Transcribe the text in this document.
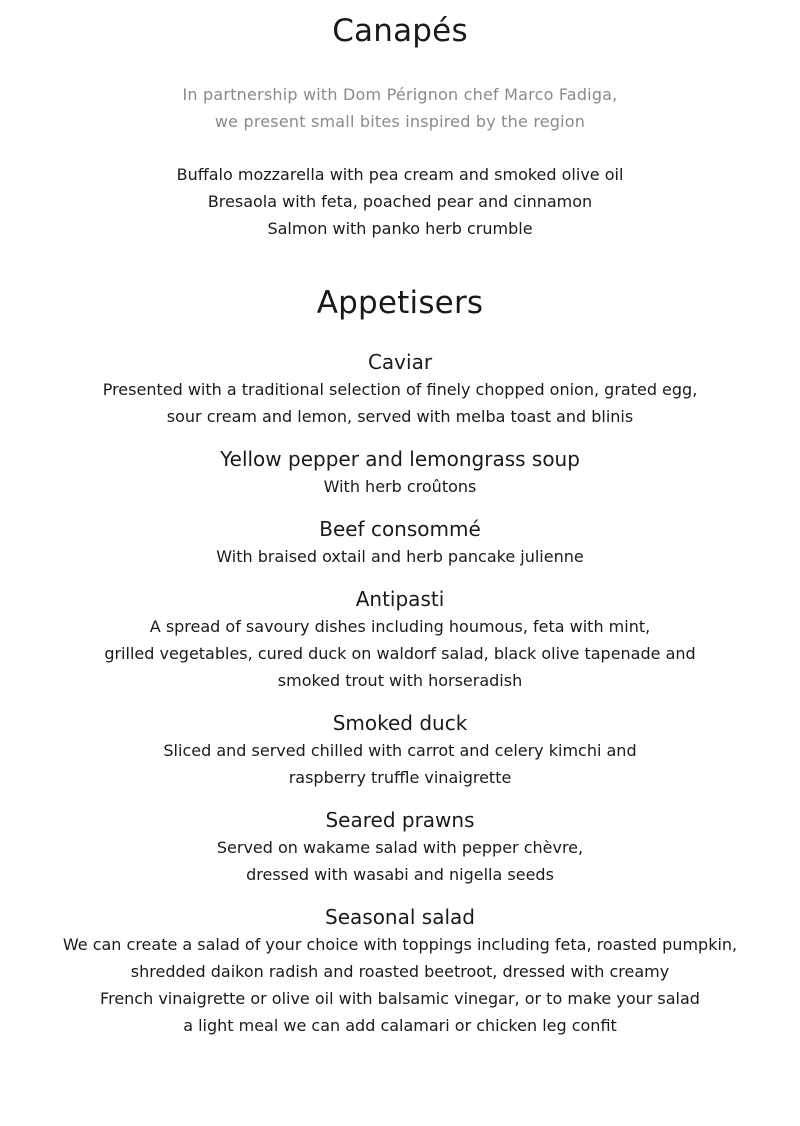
Canapés
In partnership with Dom Pérignon chef Marco Fadiga,
we present small bites inspired by the region
Buffalo mozzarella with pea cream and smoked olive oil
Bresaola with feta, poached pear and cinnamon
Salmon with panko herb crumble
Appetisers
Caviar
Presented with a traditional selection of finely chopped onion, grated egg,
sour cream and lemon, served with melba toast and blinis
Yellow pepper and lemongrass soup
With herb croûtons
Beef consommé
With braised oxtail and herb pancake julienne
Antipasti
A spread of savoury dishes including houmous, feta with mint,
grilled vegetables, cured duck on waldorf salad, black olive tapenade and
smoked trout with horseradish
Smoked duck
Sliced and served chilled with carrot and celery kimchi and
raspberry truffle vinaigrette
Seared prawns
Served on wakame salad with pepper chèvre,
dressed with wasabi and nigella seeds
Seasonal salad
We can create a salad of your choice with toppings including feta, roasted pumpkin,
shredded daikon radish and roasted beetroot, dressed with creamy
French vinaigrette or olive oil with balsamic vinegar, or to make your salad
a light meal we can add calamari or chicken leg confit
